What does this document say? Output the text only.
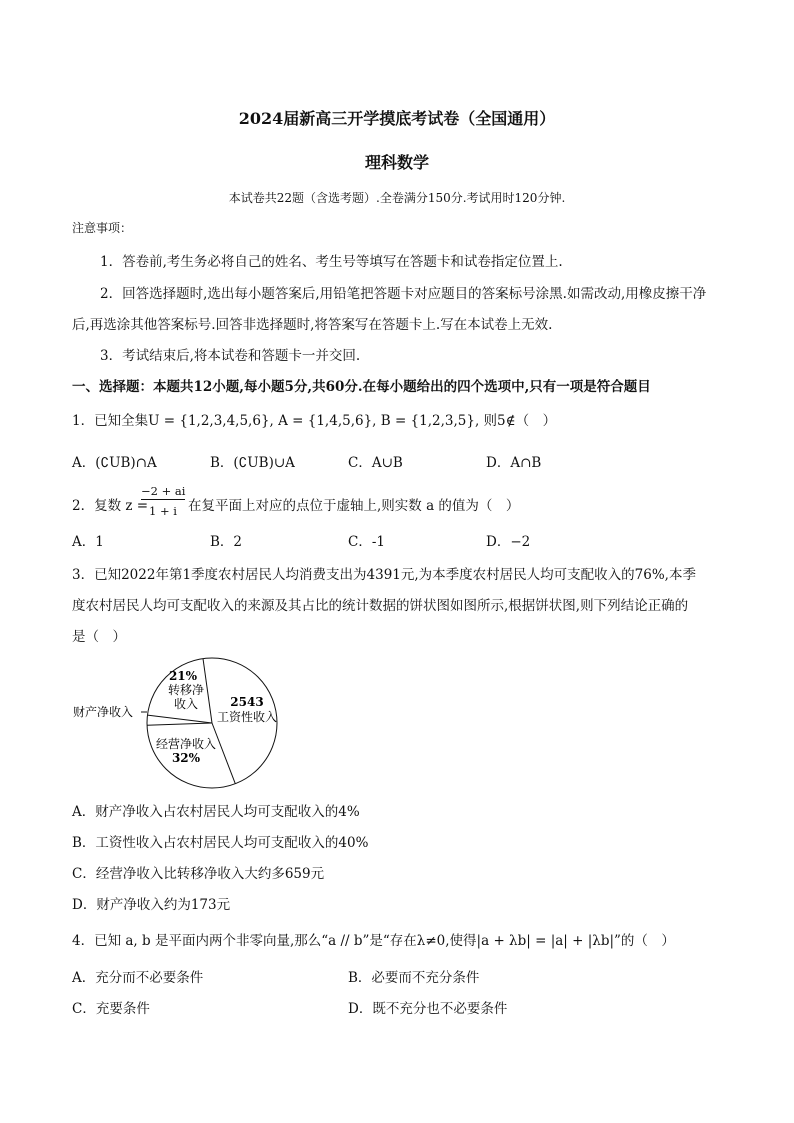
2024届新高三开学摸底考试卷（全国通用）
理科数学
本试卷共22题（含选考题）.全卷满分150分.考试用时120分钟.
注意事项：
1．答卷前,考生务必将自己的姓名、考生号等填写在答题卡和试卷指定位置上.
2．回答选择题时,选出每小题答案后,用铅笔把答题卡对应题目的答案标号涂黑.如需改动,用橡皮擦干净
后,再选涂其他答案标号.回答非选择题时,将答案写在答题卡上.写在本试卷上无效.
3．考试结束后,将本试卷和答题卡一并交回.
一、选择题：本题共12小题,每小题5分,共60分.在每小题给出的四个选项中,只有一项是符合题目
1．已知全集U = {1,2,3,4,5,6}, A = {1,4,5,6}, B = {1,2,3,5}, 则5∉（　）
A．(∁UB)∩A	B．(∁UB)∪A	C．A∪B	D．A∩B
2．复数 z =
−2 + ai
1 + i 在复平面上对应的点位于虚轴上,则实数 a 的值为（　）
A．1	B．2	C．-1	D．−2
3．已知2022年第1季度农村居民人均消费支出为4391元,为本季度农村居民人均可支配收入的76%,本季
度农村居民人均可支配收入的来源及其占比的统计数据的饼状图如图所示,根据饼状图,则下列结论正确的
是（　）
21%
转移净收入	2543
工资性收入
经营净收入
32%
财产净收入
A．财产净收入占农村居民人均可支配收入的4%
B．工资性收入占农村居民人均可支配收入的40%
C．经营净收入比转移净收入大约多659元
D．财产净收入约为173元
4．已知 a, b 是平面内两个非零向量,那么“a // b”是“存在λ≠0,使得|a + λb| = |a| + |λb|”的（　）
A．充分而不必要条件	B．必要而不充分条件
C．充要条件	D．既不充分也不必要条件
